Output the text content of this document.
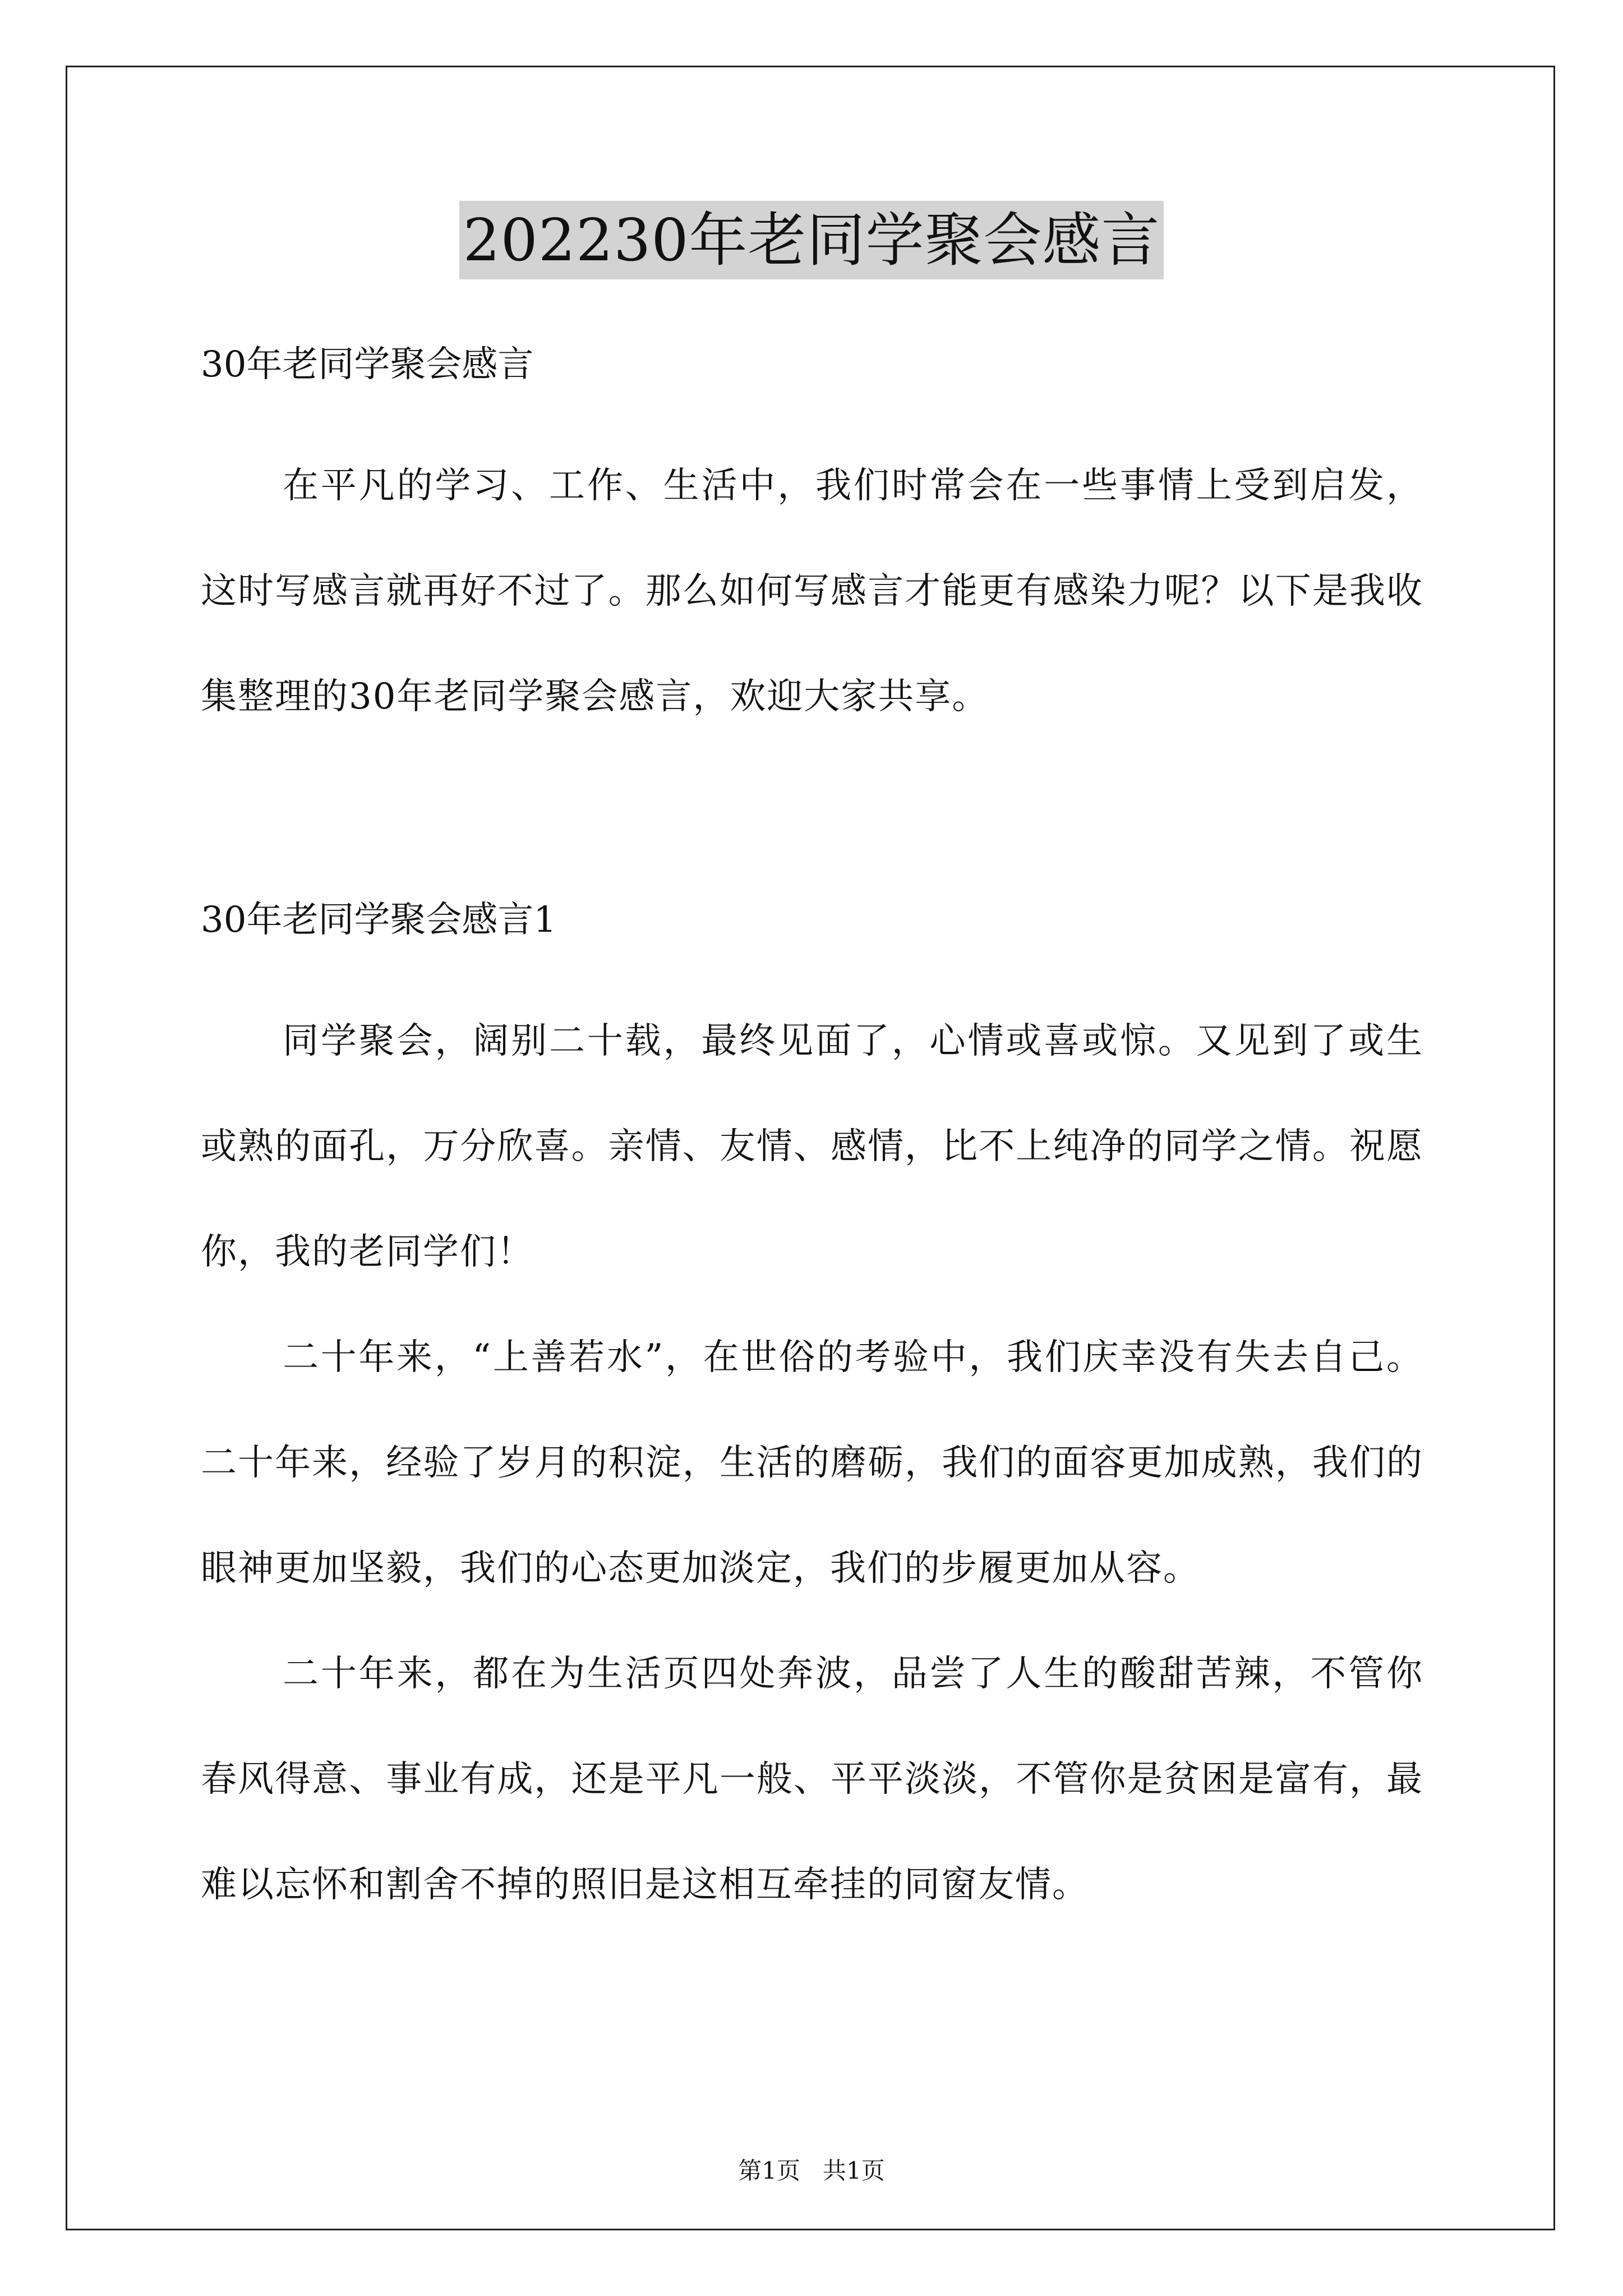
202230年老同学聚会感言

30年老同学聚会感言

在平凡的学习、工作、生活中，我们时常会在一些事情上受到启发，这时写感言就再好不过了。那么如何写感言才能更有感染力呢？以下是我收集整理的30年老同学聚会感言，欢迎大家共享。

30年老同学聚会感言1

同学聚会，阔别二十载，最终见面了，心情或喜或惊。又见到了或生或熟的面孔，万分欣喜。亲情、友情、感情，比不上纯净的同学之情。祝愿你，我的老同学们！

二十年来，“上善若水”，在世俗的考验中，我们庆幸没有失去自己。二十年来，经验了岁月的积淀，生活的磨砺，我们的面容更加成熟，我们的眼神更加坚毅，我们的心态更加淡定，我们的步履更加从容。

二十年来，都在为生活页四处奔波，品尝了人生的酸甜苦辣，不管你春风得意、事业有成，还是平凡一般、平平淡淡，不管你是贫困是富有，最难以忘怀和割舍不掉的照旧是这相互牵挂的同窗友情。

第1页   共1页
